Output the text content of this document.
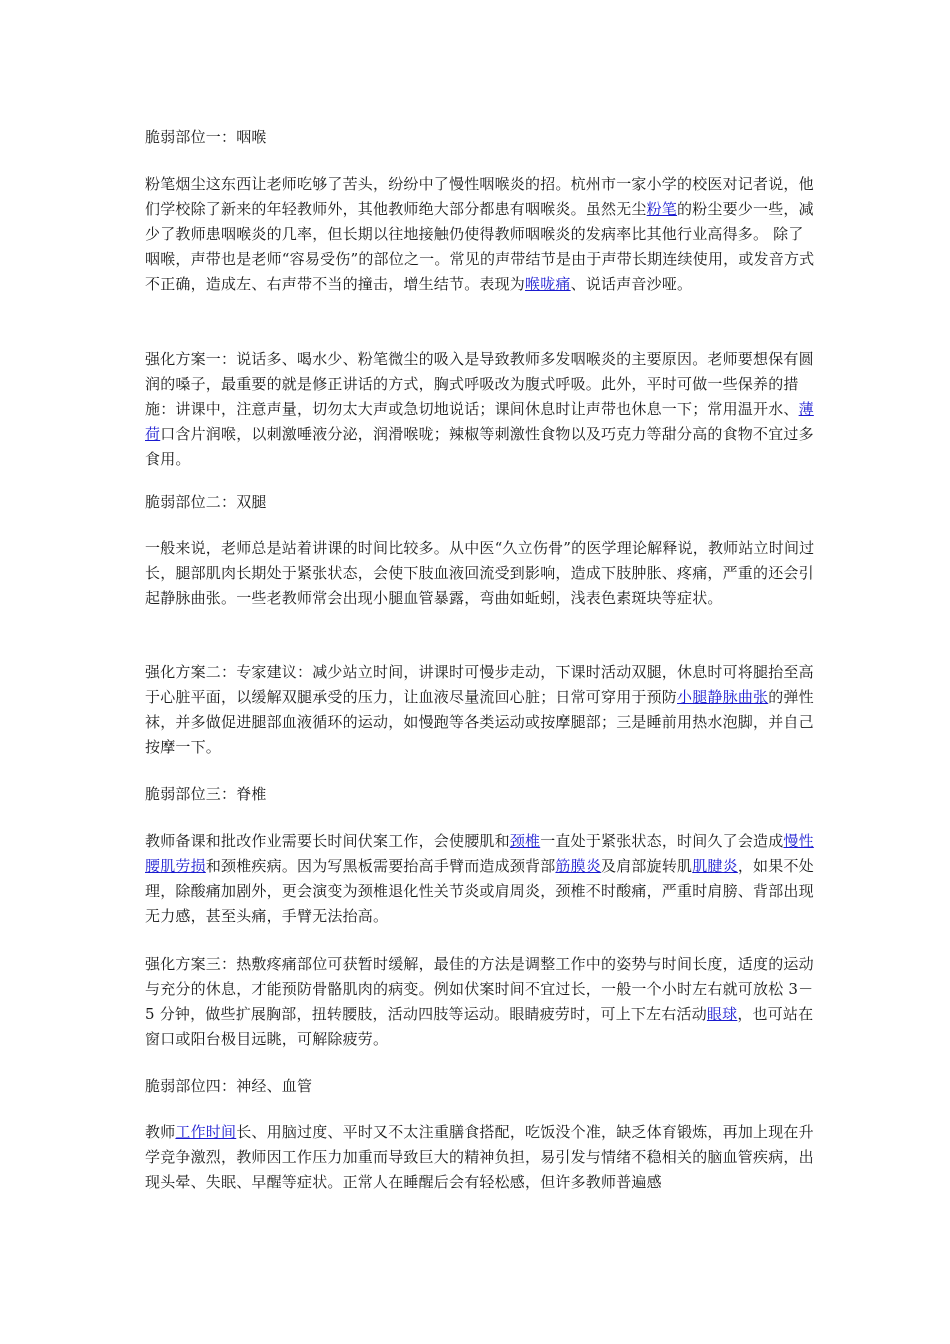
脆弱部位一：咽喉

粉笔烟尘这东西让老师吃够了苦头，纷纷中了慢性咽喉炎的招。杭州市一家小学的校医对记者说，他们学校除了新来的年轻教师外，其他教师绝大部分都患有咽喉炎。虽然无尘粉笔的粉尘要少一些，减少了教师患咽喉炎的几率，但长期以往地接触仍使得教师咽喉炎的发病率比其他行业高得多。 除了咽喉，声带也是老师“容易受伤”的部位之一。常见的声带结节是由于声带长期连续使用，或发音方式不正确，造成左、右声带不当的撞击，增生结节。表现为喉咙痛、说话声音沙哑。

强化方案一：说话多、喝水少、粉笔微尘的吸入是导致教师多发咽喉炎的主要原因。老师要想保有圆润的嗓子，最重要的就是修正讲话的方式，胸式呼吸改为腹式呼吸。此外，平时可做一些保养的措施：讲课中，注意声量，切勿太大声或急切地说话；课间休息时让声带也休息一下；常用温开水、薄荷口含片润喉，以刺激唾液分泌，润滑喉咙；辣椒等刺激性食物以及巧克力等甜分高的食物不宜过多食用。

脆弱部位二：双腿

一般来说，老师总是站着讲课的时间比较多。从中医“久立伤骨”的医学理论解释说，教师站立时间过长，腿部肌肉长期处于紧张状态，会使下肢血液回流受到影响，造成下肢肿胀、疼痛，严重的还会引起静脉曲张。一些老教师常会出现小腿血管暴露，弯曲如蚯蚓，浅表色素斑块等症状。

强化方案二：专家建议：减少站立时间，讲课时可慢步走动，下课时活动双腿，休息时可将腿抬至高于心脏平面，以缓解双腿承受的压力，让血液尽量流回心脏；日常可穿用于预防小腿静脉曲张的弹性袜，并多做促进腿部血液循环的运动，如慢跑等各类运动或按摩腿部；三是睡前用热水泡脚，并自己按摩一下。

脆弱部位三：脊椎

教师备课和批改作业需要长时间伏案工作，会使腰肌和颈椎一直处于紧张状态，时间久了会造成慢性腰肌劳损和颈椎疾病。因为写黑板需要抬高手臂而造成颈背部筋膜炎及肩部旋转肌肌腱炎，如果不处理，除酸痛加剧外，更会演变为颈椎退化性关节炎或肩周炎，颈椎不时酸痛，严重时肩膀、背部出现无力感，甚至头痛，手臂无法抬高。

强化方案三：热敷疼痛部位可获暂时缓解，最佳的方法是调整工作中的姿势与时间长度，适度的运动与充分的休息，才能预防骨骼肌肉的病变。例如伏案时间不宜过长，一般一个小时左右就可放松 3－5 分钟，做些扩展胸部，扭转腰肢，活动四肢等运动。眼睛疲劳时，可上下左右活动眼球，也可站在窗口或阳台极目远眺，可解除疲劳。

脆弱部位四：神经、血管

教师工作时间长、用脑过度、平时又不太注重膳食搭配，吃饭没个准，缺乏体育锻炼，再加上现在升学竞争激烈，教师因工作压力加重而导致巨大的精神负担，易引发与情绪不稳相关的脑血管疾病，出现头晕、失眠、早醒等症状。正常人在睡醒后会有轻松感，但许多教师普遍感
